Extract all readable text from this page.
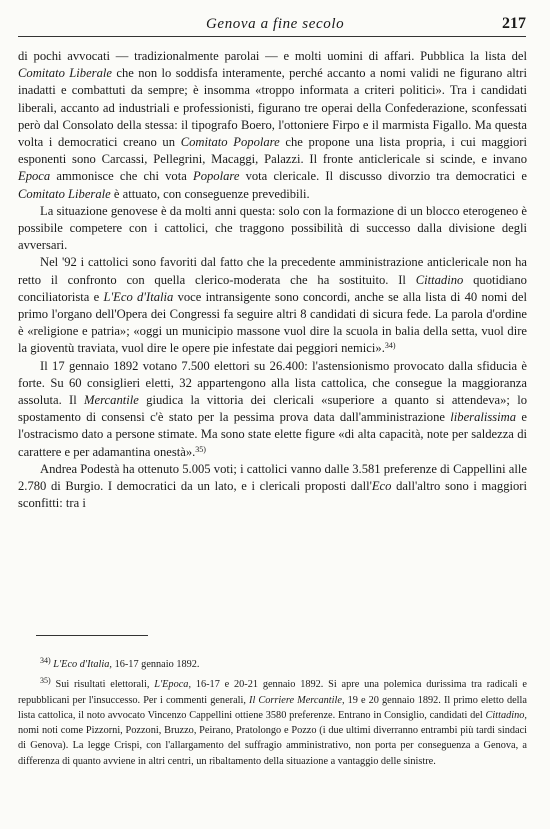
Genova a fine secolo	217

di pochi avvocati — tradizionalmente parolai — e molti uomini di affari. Pubblica la lista del Comitato Liberale che non lo soddisfa interamente, perché accanto a nomi validi ne figurano altri inadatti e combattuti da sempre; è insomma «troppo informata a criteri politici». Tra i candidati liberali, accanto ad industriali e professionisti, figurano tre operai della Confederazione, sconfessati però dal Consolato della stessa: il tipografo Boero, l'ottoniere Firpo e il marmista Figallo. Ma questa volta i democratici creano un Comitato Popolare che propone una lista propria, i cui maggiori esponenti sono Carcassi, Pellegrini, Macaggi, Palazzi. Il fronte anticlericale si scinde, e invano Epoca ammonisce che chi vota Popolare vota clericale. Il discusso divorzio tra democratici e Comitato Liberale è attuato, con conseguenze prevedibili.

La situazione genovese è da molti anni questa: solo con la formazione di un blocco eterogeneo è possibile competere con i cattolici, che traggono possibilità di successo dalla divisione degli avversari.

Nel '92 i cattolici sono favoriti dal fatto che la precedente amministrazione anticlericale non ha retto il confronto con quella clerico-moderata che ha sostituito. Il Cittadino quotidiano conciliatorista e L'Eco d'Italia voce intransigente sono concordi, anche se alla lista di 40 nomi del primo l'organo dell'Opera dei Congressi fa seguire altri 8 candidati di sicura fede. La parola d'ordine è «religione e patria»; «oggi un municipio massone vuol dire la scuola in balia della setta, vuol dire la gioventù traviata, vuol dire le opere pie infestate dai peggiori nemici».$^{34)}$

Il 17 gennaio 1892 votano 7.500 elettori su 26.400: l'astensionismo provocato dalla sfiducia è forte. Su 60 consiglieri eletti, 32 appartengono alla lista cattolica, che consegue la maggioranza assoluta. Il Mercantile giudica la vittoria dei clericali «superiore a quanto si attendeva»; lo spostamento di consensi c'è stato per la pessima prova data dall'amministrazione liberalissima e l'ostracismo dato a persone stimate. Ma sono state elette figure «di alta capacità, note per saldezza di carattere e per adamantina onestà».$^{35)}$

Andrea Podestà ha ottenuto 5.005 voti; i cattolici vanno dalle 3.581 preferenze di Cappellini alle 2.780 di Burgio. I democratici da un lato, e i clericali proposti dall'Eco dall'altro sono i maggiori sconfitti: tra i

$^{34)}$ L'Eco d'Italia, 16-17 gennaio 1892.

$^{35)}$ Sui risultati elettorali, L'Epoca, 16-17 e 20-21 gennaio 1892. Si apre una polemica durissima tra radicali e repubblicani per l'insuccesso. Per i commenti generali, Il Corriere Mercantile, 19 e 20 gennaio 1892. Il primo eletto della lista cattolica, il noto avvocato Vincenzo Cappellini ottiene 3580 preferenze. Entrano in Consiglio, candidati del Cittadino, nomi noti come Pizzorni, Pozzoni, Bruzzo, Peirano, Pratolongo e Pozzo (i due ultimi diverranno entrambi più tardi sindaci di Genova). La legge Crispi, con l'allargamento del suffragio amministrativo, non porta per conseguenza a Genova, a differenza di quanto avviene in altri centri, un ribaltamento della situazione a vantaggio delle sinistre.
